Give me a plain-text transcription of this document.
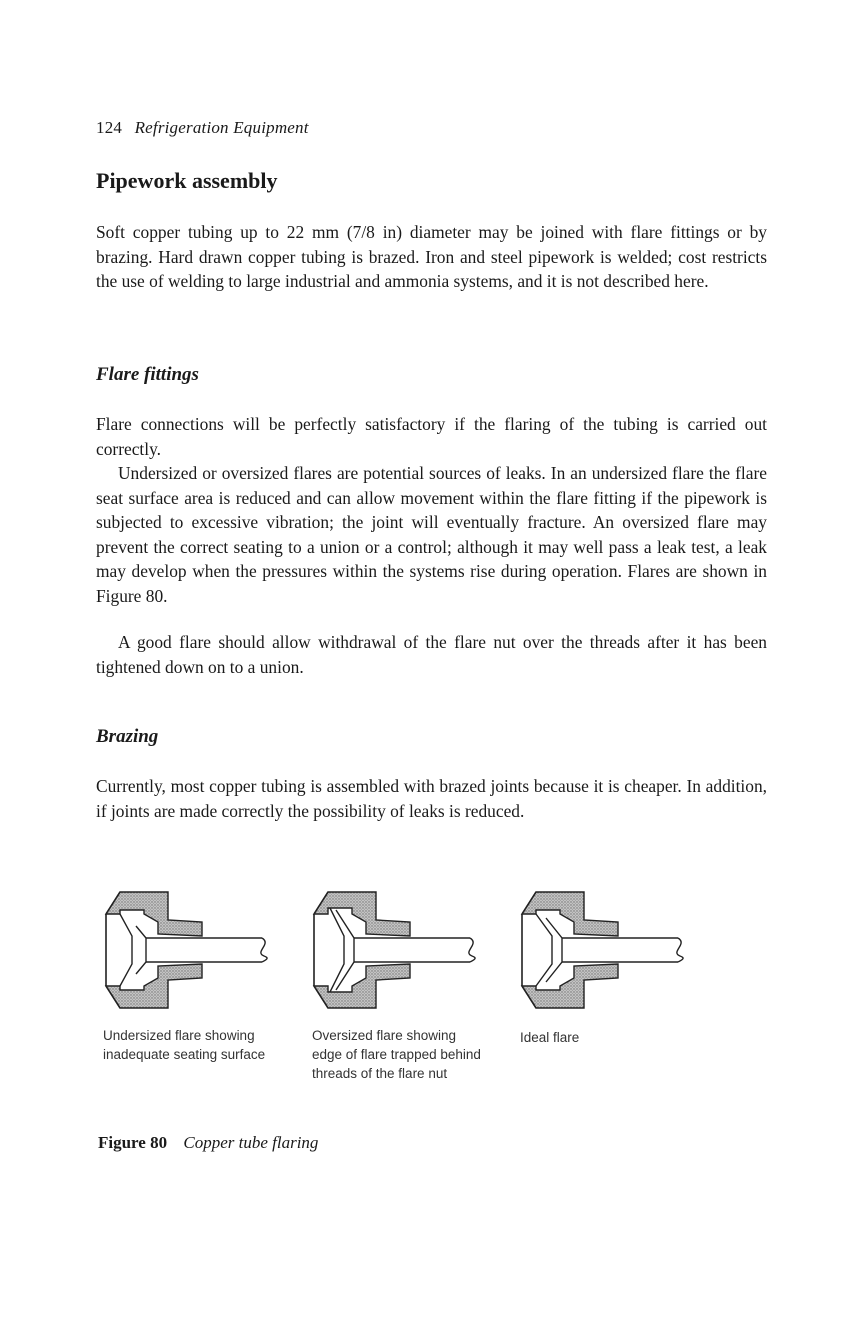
124 Refrigeration Equipment
Pipework assembly

Soft copper tubing up to 22 mm (7/8 in) diameter may be joined with flare fittings or by brazing. Hard drawn copper tubing is brazed. Iron and steel pipework is welded; cost restricts the use of welding to large industrial and ammonia systems, and it is not described here.

Flare fittings

Flare connections will be perfectly satisfactory if the flaring of the tubing is carried out correctly.

Undersized or oversized flares are potential sources of leaks. In an undersized flare the flare seat surface area is reduced and can allow movement within the flare fitting if the pipework is subjected to excessive vibration; the joint will eventually fracture. An oversized flare may prevent the correct seating to a union or a control; although it may well pass a leak test, a leak may develop when the pressures within the systems rise during operation. Flares are shown in Figure 80.

A good flare should allow withdrawal of the flare nut over the threads after it has been tightened down on to a union.

Brazing

Currently, most copper tubing is assembled with brazed joints because it is cheaper. In addition, if joints are made correctly the possibility of leaks is reduced.

Undersized flare showing inadequate seating surface
Oversized flare showing edge of flare trapped behind threads of the flare nut
Ideal flare
Figure 80 Copper tube flaring
